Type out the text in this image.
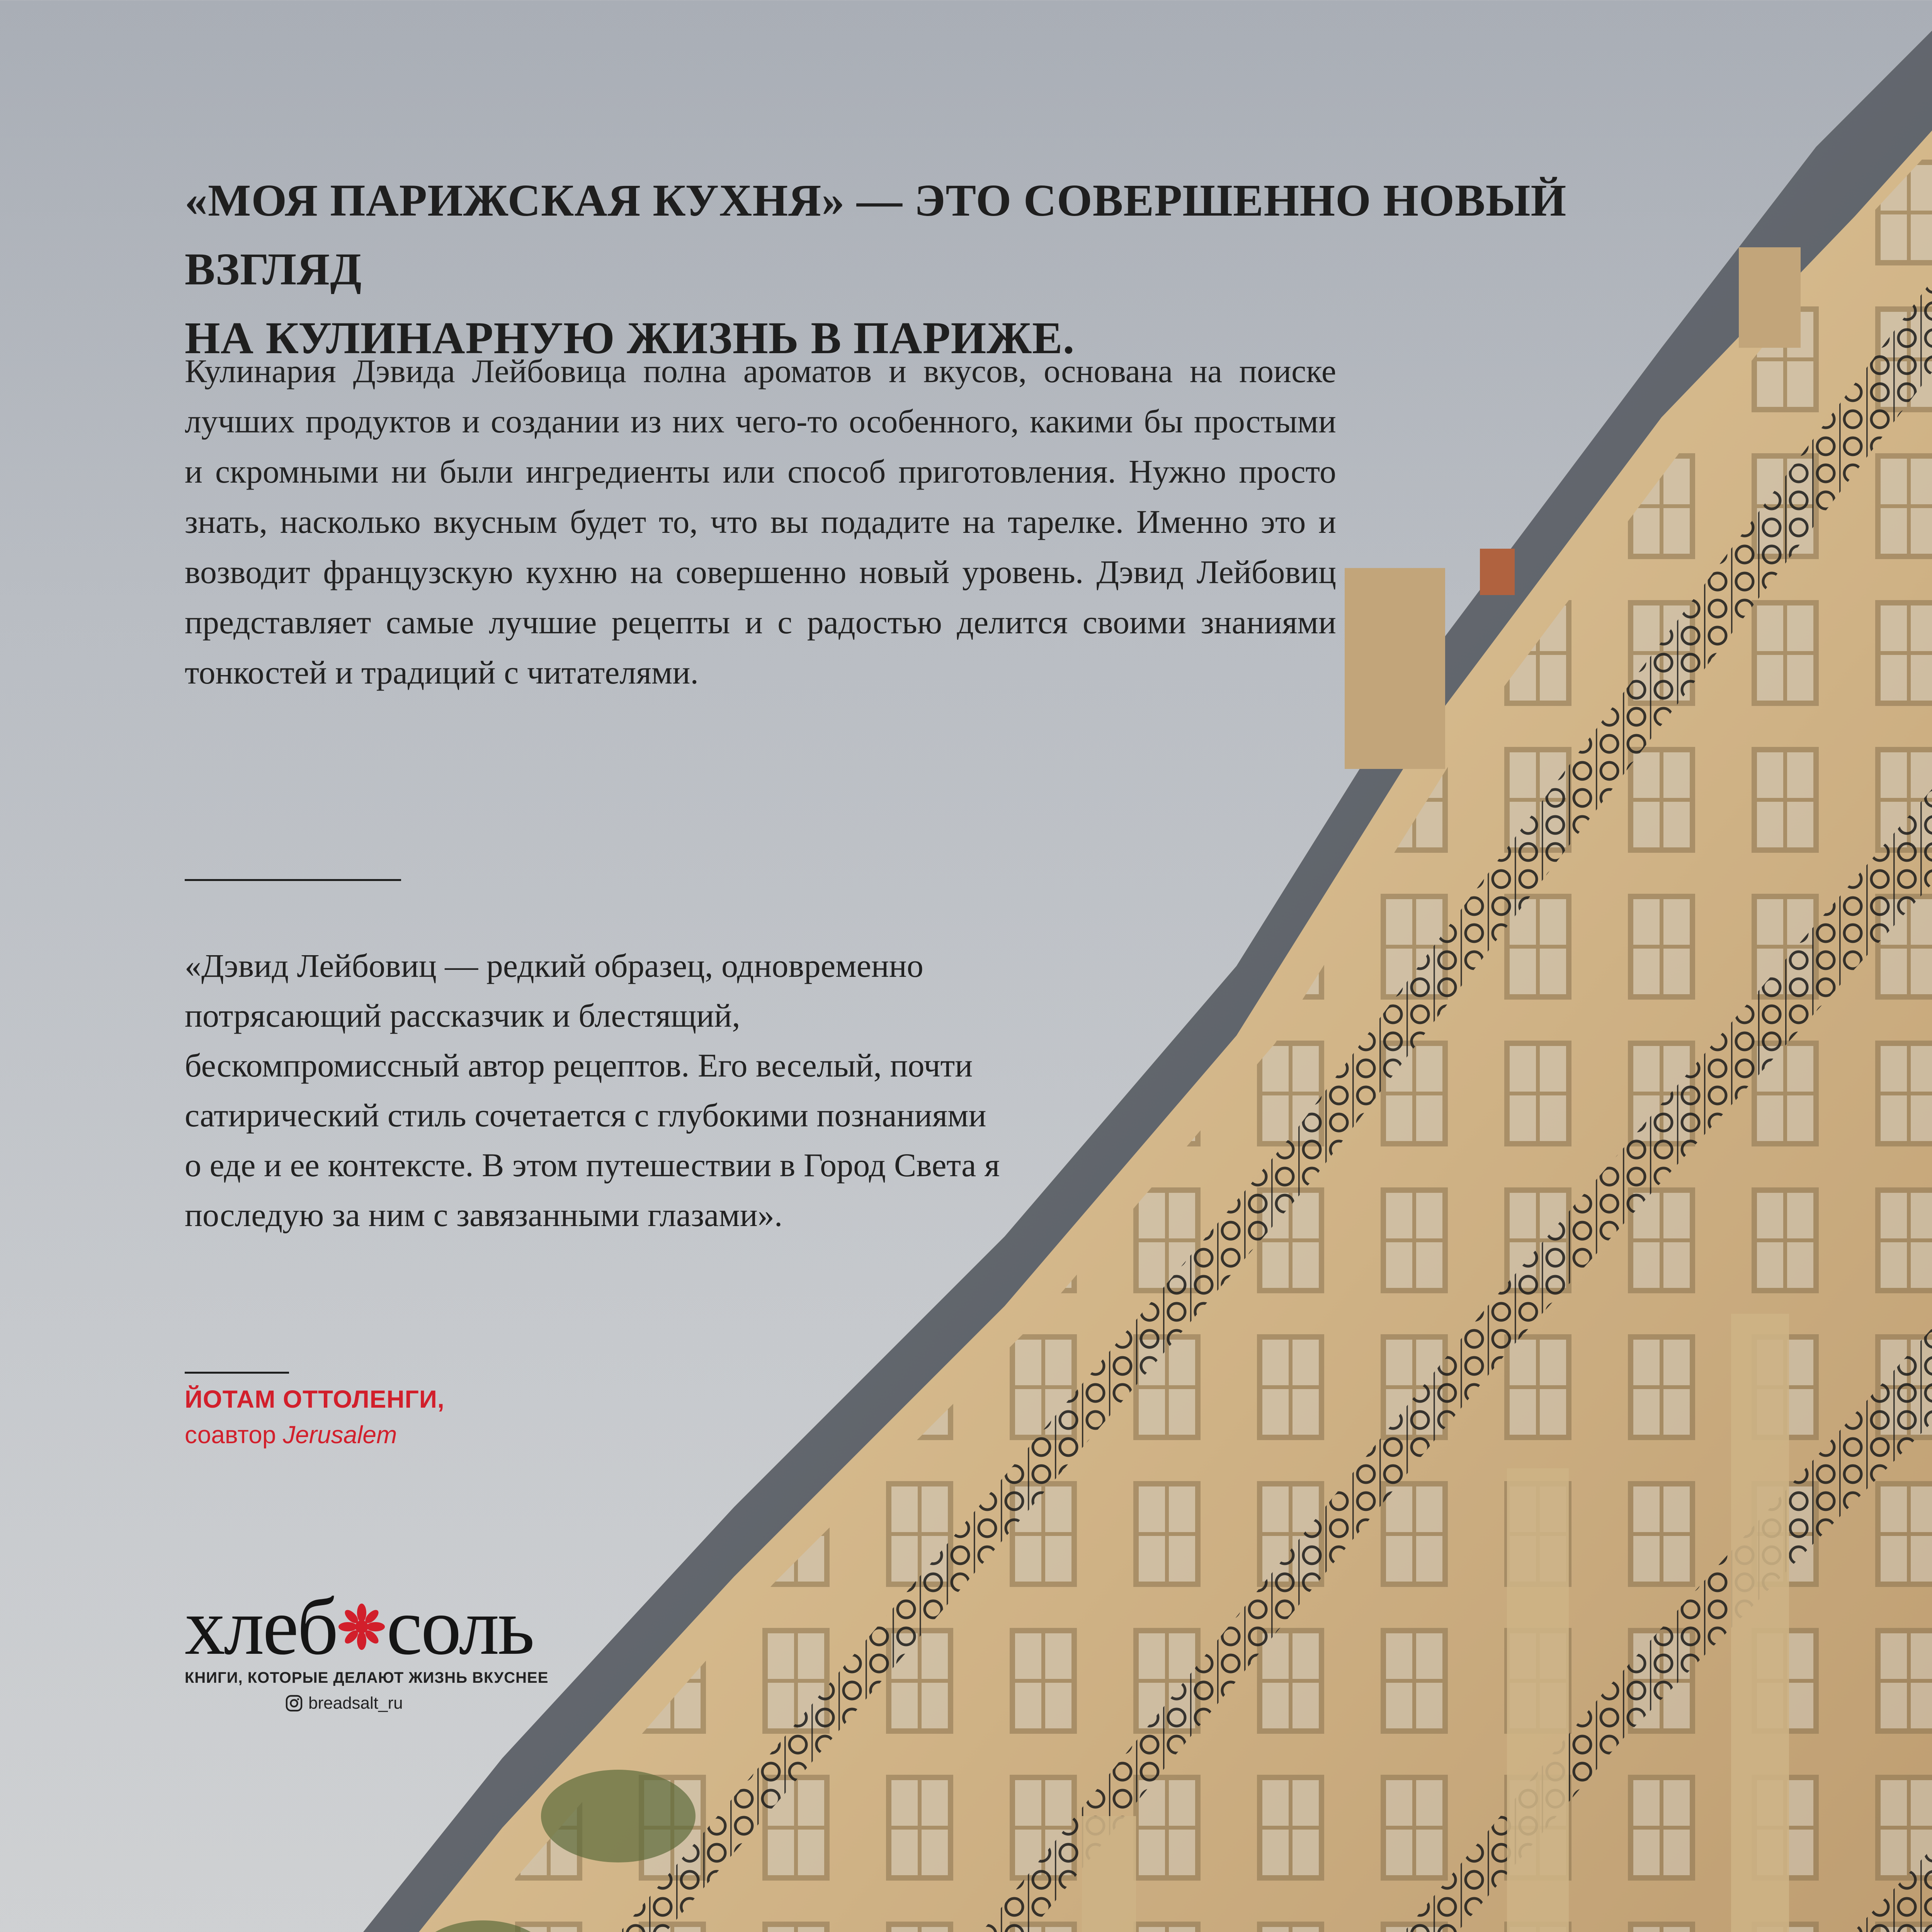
«МОЯ ПАРИЖСКАЯ КУХНЯ» — ЭТО СОВЕРШЕННО НОВЫЙ ВЗГЛЯД
НА КУЛИНАРНУЮ ЖИЗНЬ В ПАРИЖЕ.

Кулинария Дэвида Лейбовица полна ароматов и вкусов, основана на поиске лучших продуктов и создании из них чего-то особенного, какими бы простыми и скромными ни были ингредиенты или способ приготовления. Нужно просто знать, насколько вкусным будет то, что вы подадите на тарелке. Именно это и возводит французскую кухню на совершенно новый уровень. Дэвид Лейбовиц представляет самые лучшие рецепты и с радостью делится своими знаниями тонкостей и традиций с читателями.

«Дэвид Лейбовиц — редкий образец, одновременно потрясающий рассказчик и блестящий, бескомпромиссный автор рецептов. Его веселый, почти сатирический стиль сочетается с глубокими познаниями о еде и ее контексте. В этом путешествии в Город Света я последую за ним с завязанными глазами».

ЙОТАМ ОТТОЛЕНГИ,
соавтор Jerusalem
хлеб соль
КНИГИ, КОТОРЫЕ ДЕЛАЮТ ЖИЗНЬ ВКУСНЕЕ
breadsalt_ru
